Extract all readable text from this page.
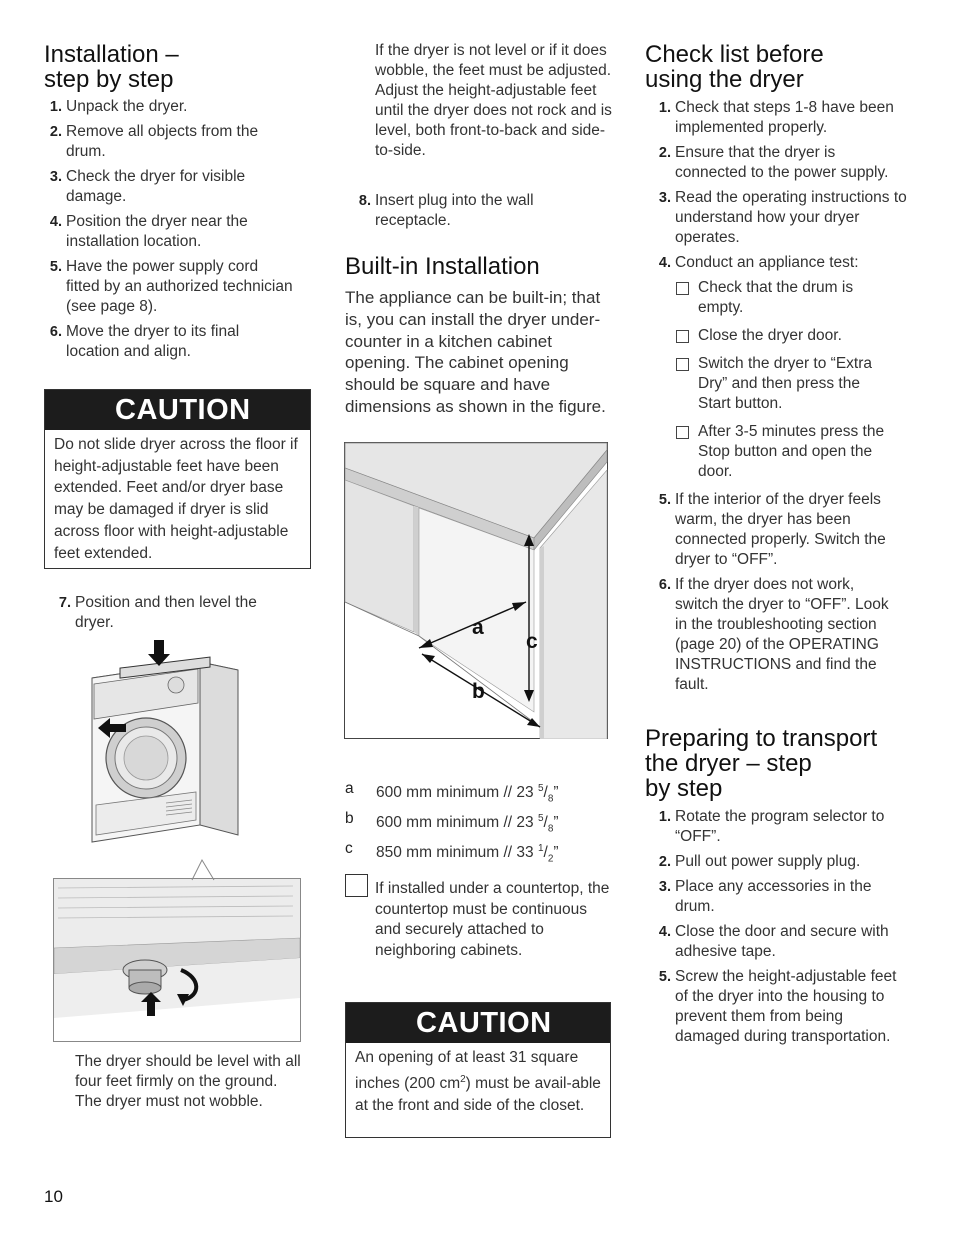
Installation –
step by step
1. Unpack the dryer.
2. Remove all objects from the drum.
3. Check the dryer for visible damage.
4. Position the dryer near the installation location.
5. Have the power supply cord fitted by an authorized technician (see page 8).
6. Move the dryer to its final location and align.
CAUTION
Do not slide dryer across the floor if height-adjustable feet have been extended. Feet and/or dryer base may be damaged if dryer is slid across floor with height-adjustable feet extended.
7. Position and then level the dryer.
The dryer should be level with all four feet firmly on the ground. The dryer must not wobble.
If the dryer is not level or if it does wobble, the feet must be adjusted. Adjust the height-adjustable feet until the dryer does not rock and is level, both front-to-back and side-to-side.
8. Insert plug into the wall receptacle.
Built-in Installation
The appliance can be built-in; that is, you can install the dryer under-counter in a kitchen cabinet opening. The cabinet opening should be square and have dimensions as shown in the figure.
a
b
c
a	600 mm minimum // 23 $^5/_8$”
b	600 mm minimum // 23 $^5/_8$”
c	850 mm minimum // 33 $^1/_2$”
If installed under a countertop, the countertop must be continuous and securely attached to neighboring cabinets.
CAUTION
An opening of at least 31 square inches (200 $cm^2$) must be avail-able at the front and side of the closet.
Check list before
using the dryer
1. Check that steps 1-8 have been implemented properly.
2. Ensure that the dryer is connected to the power supply.
3. Read the operating instructions to understand how your dryer operates.
4. Conduct an appliance test:
Check that the drum is empty.
Close the dryer door.
Switch the dryer to “Extra Dry” and then press the Start button.
After 3-5 minutes press the Stop button and open the door.
5. If the interior of the dryer feels warm, the dryer has been connected properly. Switch the dryer to “OFF”.
6. If the dryer does not work, switch the dryer to “OFF”. Look in the troubleshooting section (page 20) of the OPERATING INSTRUCTIONS and find the fault.
Preparing to transport
the dryer – step
by step
1. Rotate the program selector to “OFF”.
2. Pull out power supply plug.
3. Place any accessories in the drum.
4. Close the door and secure with adhesive tape.
5. Screw the height-adjustable feet of the dryer into the housing to prevent them from being damaged during transportation.
10
